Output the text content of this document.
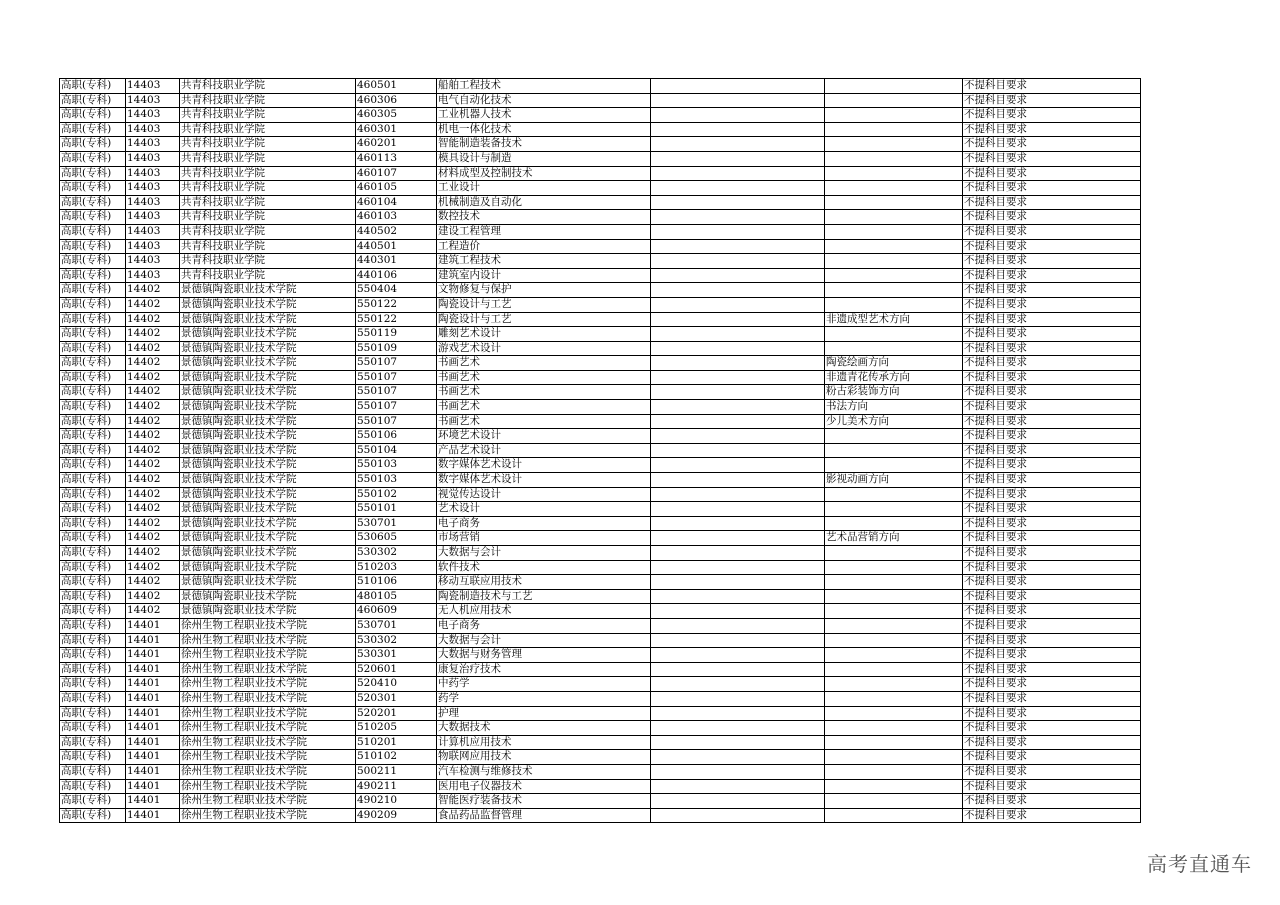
高职(专科)	14403	共青科技职业学院	460501	船舶工程技术			不提科目要求
高职(专科)	14403	共青科技职业学院	460306	电气自动化技术			不提科目要求
高职(专科)	14403	共青科技职业学院	460305	工业机器人技术			不提科目要求
高职(专科)	14403	共青科技职业学院	460301	机电一体化技术			不提科目要求
高职(专科)	14403	共青科技职业学院	460201	智能制造装备技术			不提科目要求
高职(专科)	14403	共青科技职业学院	460113	模具设计与制造			不提科目要求
高职(专科)	14403	共青科技职业学院	460107	材料成型及控制技术			不提科目要求
高职(专科)	14403	共青科技职业学院	460105	工业设计			不提科目要求
高职(专科)	14403	共青科技职业学院	460104	机械制造及自动化			不提科目要求
高职(专科)	14403	共青科技职业学院	460103	数控技术			不提科目要求
高职(专科)	14403	共青科技职业学院	440502	建设工程管理			不提科目要求
高职(专科)	14403	共青科技职业学院	440501	工程造价			不提科目要求
高职(专科)	14403	共青科技职业学院	440301	建筑工程技术			不提科目要求
高职(专科)	14403	共青科技职业学院	440106	建筑室内设计			不提科目要求
高职(专科)	14402	景德镇陶瓷职业技术学院	550404	文物修复与保护			不提科目要求
高职(专科)	14402	景德镇陶瓷职业技术学院	550122	陶瓷设计与工艺			不提科目要求
高职(专科)	14402	景德镇陶瓷职业技术学院	550122	陶瓷设计与工艺		非遗成型艺术方向	不提科目要求
高职(专科)	14402	景德镇陶瓷职业技术学院	550119	雕刻艺术设计			不提科目要求
高职(专科)	14402	景德镇陶瓷职业技术学院	550109	游戏艺术设计			不提科目要求
高职(专科)	14402	景德镇陶瓷职业技术学院	550107	书画艺术		陶瓷绘画方向	不提科目要求
高职(专科)	14402	景德镇陶瓷职业技术学院	550107	书画艺术		非遗青花传承方向	不提科目要求
高职(专科)	14402	景德镇陶瓷职业技术学院	550107	书画艺术		粉古彩装饰方向	不提科目要求
高职(专科)	14402	景德镇陶瓷职业技术学院	550107	书画艺术		书法方向	不提科目要求
高职(专科)	14402	景德镇陶瓷职业技术学院	550107	书画艺术		少儿美术方向	不提科目要求
高职(专科)	14402	景德镇陶瓷职业技术学院	550106	环境艺术设计			不提科目要求
高职(专科)	14402	景德镇陶瓷职业技术学院	550104	产品艺术设计			不提科目要求
高职(专科)	14402	景德镇陶瓷职业技术学院	550103	数字媒体艺术设计			不提科目要求
高职(专科)	14402	景德镇陶瓷职业技术学院	550103	数字媒体艺术设计		影视动画方向	不提科目要求
高职(专科)	14402	景德镇陶瓷职业技术学院	550102	视觉传达设计			不提科目要求
高职(专科)	14402	景德镇陶瓷职业技术学院	550101	艺术设计			不提科目要求
高职(专科)	14402	景德镇陶瓷职业技术学院	530701	电子商务			不提科目要求
高职(专科)	14402	景德镇陶瓷职业技术学院	530605	市场营销		艺术品营销方向	不提科目要求
高职(专科)	14402	景德镇陶瓷职业技术学院	530302	大数据与会计			不提科目要求
高职(专科)	14402	景德镇陶瓷职业技术学院	510203	软件技术			不提科目要求
高职(专科)	14402	景德镇陶瓷职业技术学院	510106	移动互联应用技术			不提科目要求
高职(专科)	14402	景德镇陶瓷职业技术学院	480105	陶瓷制造技术与工艺			不提科目要求
高职(专科)	14402	景德镇陶瓷职业技术学院	460609	无人机应用技术			不提科目要求
高职(专科)	14401	徐州生物工程职业技术学院	530701	电子商务			不提科目要求
高职(专科)	14401	徐州生物工程职业技术学院	530302	大数据与会计			不提科目要求
高职(专科)	14401	徐州生物工程职业技术学院	530301	大数据与财务管理			不提科目要求
高职(专科)	14401	徐州生物工程职业技术学院	520601	康复治疗技术			不提科目要求
高职(专科)	14401	徐州生物工程职业技术学院	520410	中药学			不提科目要求
高职(专科)	14401	徐州生物工程职业技术学院	520301	药学			不提科目要求
高职(专科)	14401	徐州生物工程职业技术学院	520201	护理			不提科目要求
高职(专科)	14401	徐州生物工程职业技术学院	510205	大数据技术			不提科目要求
高职(专科)	14401	徐州生物工程职业技术学院	510201	计算机应用技术			不提科目要求
高职(专科)	14401	徐州生物工程职业技术学院	510102	物联网应用技术			不提科目要求
高职(专科)	14401	徐州生物工程职业技术学院	500211	汽车检测与维修技术			不提科目要求
高职(专科)	14401	徐州生物工程职业技术学院	490211	医用电子仪器技术			不提科目要求
高职(专科)	14401	徐州生物工程职业技术学院	490210	智能医疗装备技术			不提科目要求
高职(专科)	14401	徐州生物工程职业技术学院	490209	食品药品监督管理			不提科目要求
高考直通车
